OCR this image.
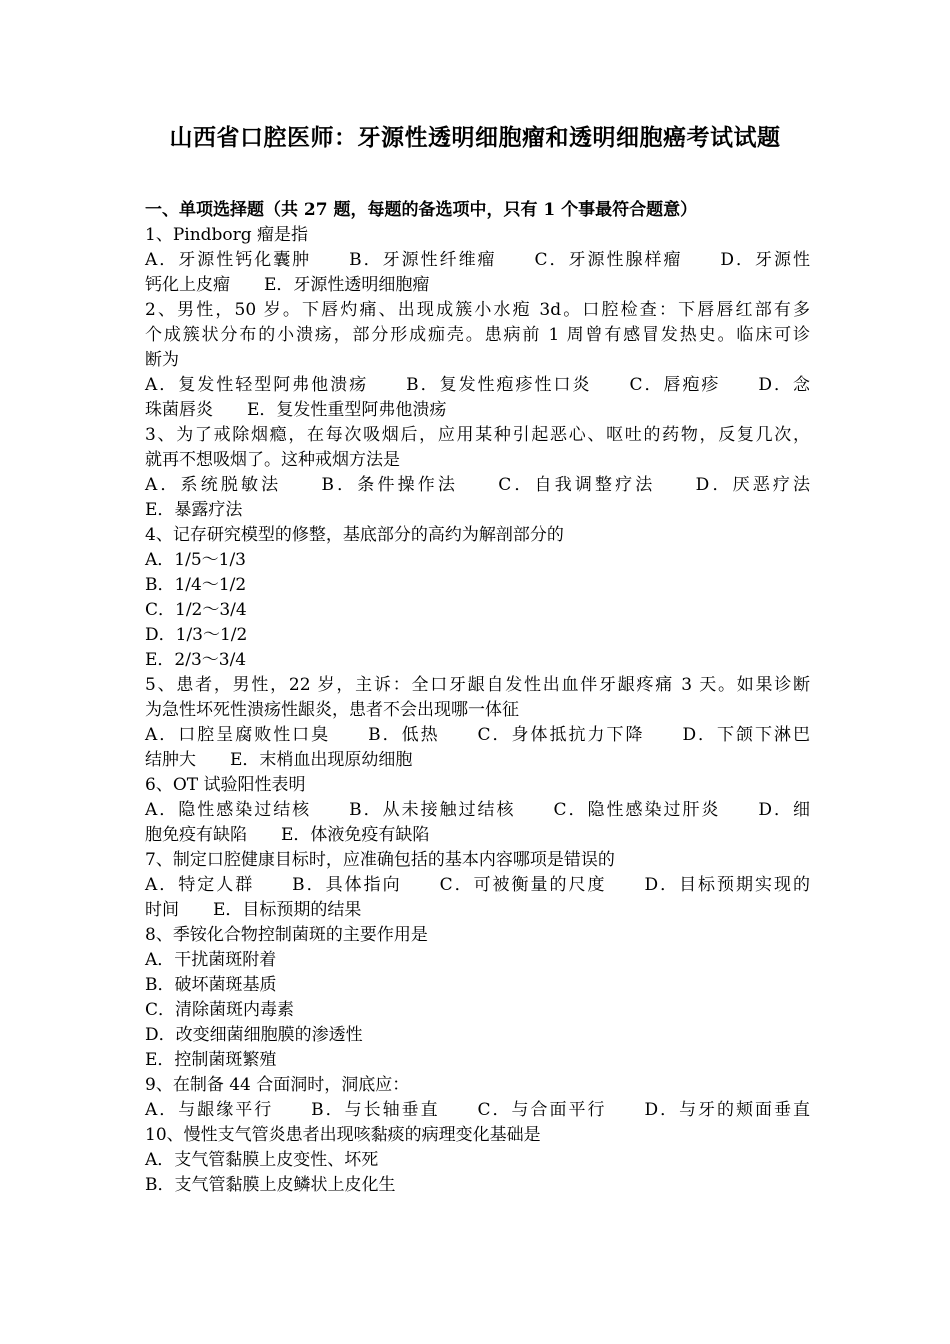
山西省口腔医师：牙源性透明细胞瘤和透明细胞癌考试试题
一、单项选择题（共 27 题，每题的备选项中，只有 1 个事最符合题意）
1、Pindborg 瘤是指
A．牙源性钙化囊肿　　B．牙源性纤维瘤　　C．牙源性腺样瘤　　D．牙源性
钙化上皮瘤　　E．牙源性透明细胞瘤
2、男性，50 岁。下唇灼痛、出现成簇小水疱 3d。口腔检查：下唇唇红部有多
个成簇状分布的小溃疡，部分形成痂壳。患病前 1 周曾有感冒发热史。临床可诊
断为
A．复发性轻型阿弗他溃疡　　B．复发性疱疹性口炎　　C．唇疱疹　　D．念
珠菌唇炎　　E．复发性重型阿弗他溃疡
3、为了戒除烟瘾，在每次吸烟后，应用某种引起恶心、呕吐的药物，反复几次，
就再不想吸烟了。这种戒烟方法是
A．系统脱敏法　　B．条件操作法　　C．自我调整疗法　　D．厌恶疗法
E．暴露疗法
4、记存研究模型的修整，基底部分的高约为解剖部分的
A．1/5～1/3
B．1/4～1/2
C．1/2～3/4
D．1/3～1/2
E．2/3～3/4
5、患者，男性，22 岁，主诉：全口牙龈自发性出血伴牙龈疼痛 3 天。如果诊断
为急性坏死性溃疡性龈炎，患者不会出现哪一体征
A．口腔呈腐败性口臭　　B．低热　　C．身体抵抗力下降　　D．下颌下淋巴
结肿大　　E．末梢血出现原幼细胞
6、OT 试验阳性表明
A．隐性感染过结核　　B．从未接触过结核　　C．隐性感染过肝炎　　D．细
胞免疫有缺陷　　E．体液免疫有缺陷
7、制定口腔健康目标时，应准确包括的基本内容哪项是错误的
A．特定人群　　B．具体指向　　C．可被衡量的尺度　　D．目标预期实现的
时间　　E．目标预期的结果
8、季铵化合物控制菌斑的主要作用是
A．干扰菌斑附着
B．破坏菌斑基质
C．清除菌斑内毒素
D．改变细菌细胞膜的渗透性
E．控制菌斑繁殖
9、在制备 44 合面洞时，洞底应：
A．与龈缘平行　　B．与长轴垂直　　C．与合面平行　　D．与牙的颊面垂直
10、慢性支气管炎患者出现咳黏痰的病理变化基础是
A．支气管黏膜上皮变性、坏死
B．支气管黏膜上皮鳞状上皮化生
